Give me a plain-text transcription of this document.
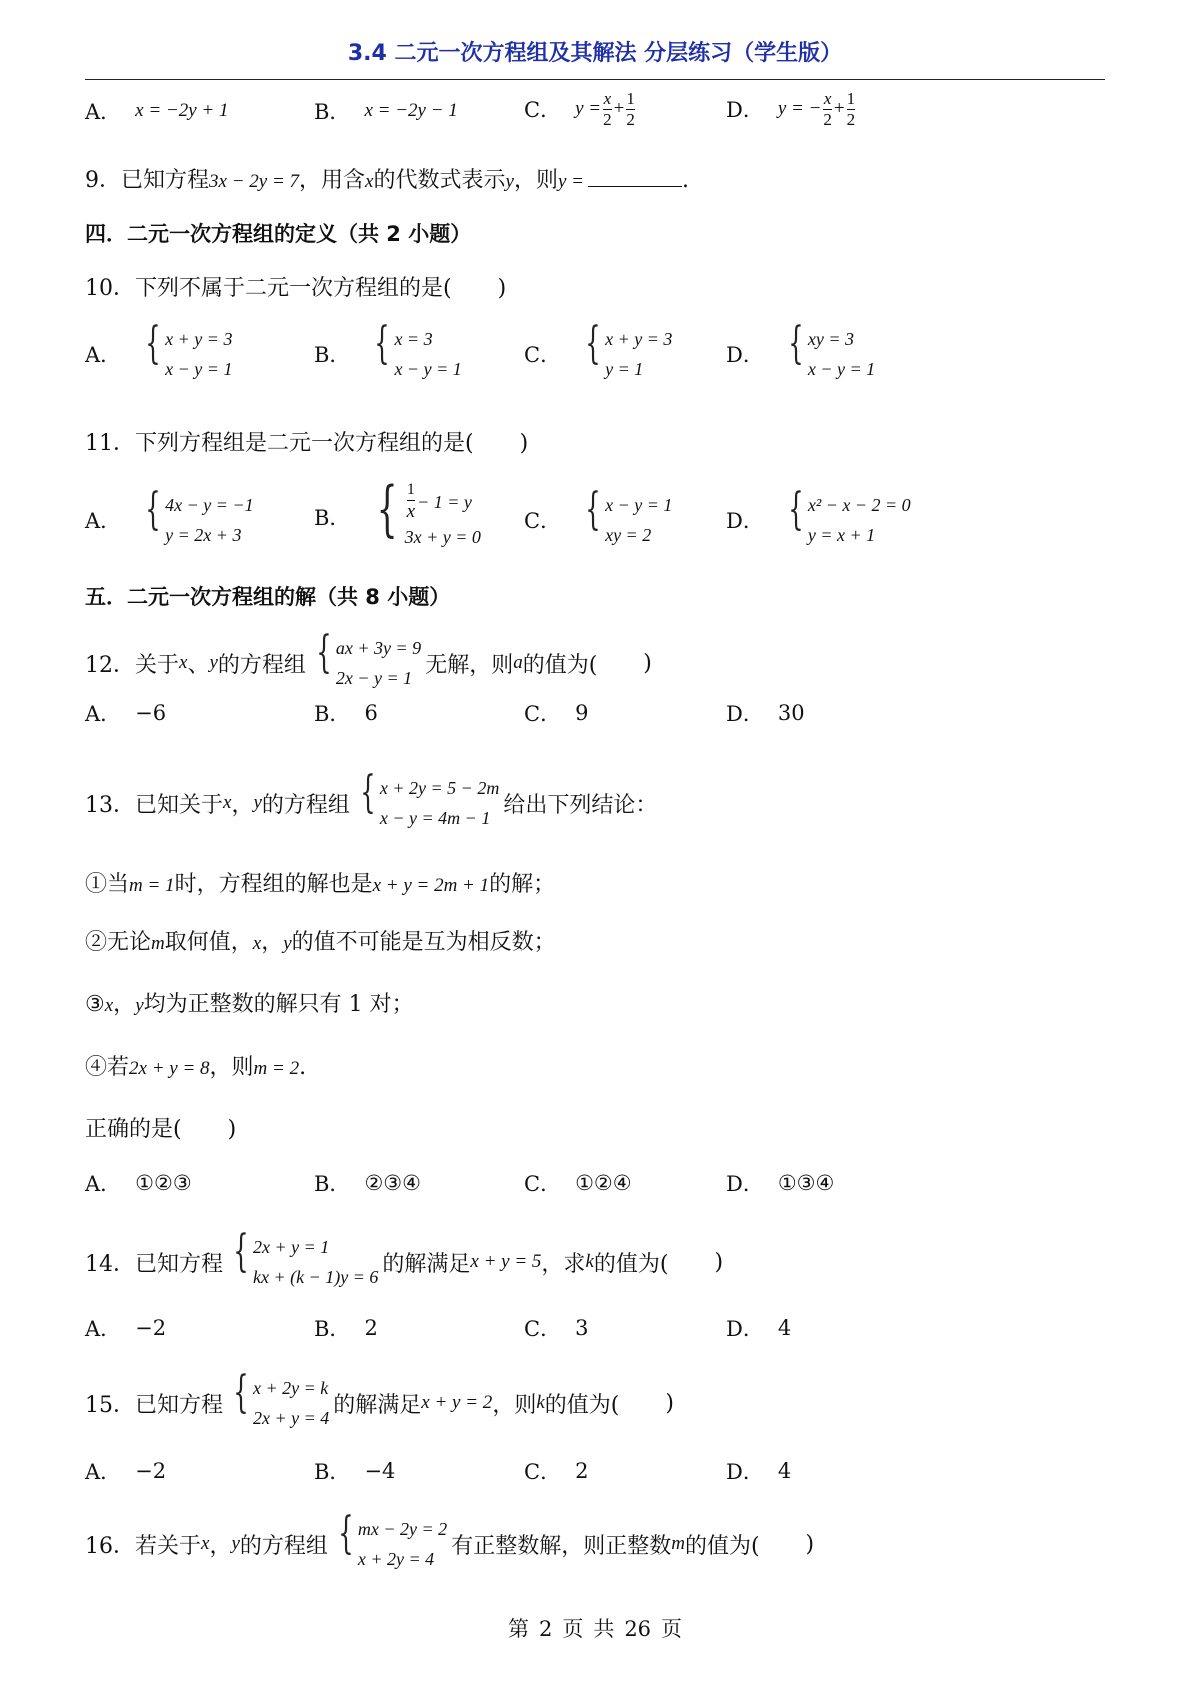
3.4 二元一次方程组及其解法 分层练习（学生版）
A． x = −2y + 1	B． x = −2y − 1	C． $y = \frac{x}{2} + \frac{1}{2}$	D． y = − $\frac{x}{2} + \frac{1}{2}$
9．已知方程3x − 2y = 7，用含x的代数式表示y，则y =	.
四．二元一次方程组的定义（共 2 小题）
10．下列不属于二元一次方程组的是( )
A． { x + y = 3
x − y = 1
B． { x = 3
x − y = 1
C． { x + y = 3
y = 1
D． { xy = 3
x − y = 1
11．下列方程组是二元一次方程组的是( )
A． { 4x − y = −1
y = 2x + 3
B． { $\frac{1}{x} - 1 = y$
3x + y = 0
C． { x − y = 1
xy = 2
D． { x² − x − 2 = 0
y = x + 1
五．二元一次方程组的解（共 8 小题）
12．关于 x 、 y 的方程组 { ax + 3y = 9
2x − y = 1
无解，则 a 的值为( )
A． −6	B． 6	C． 9	D． 30
13．已知关于 x ， y 的方程组 { x + 2y = 5 − 2m
x − y = 4m − 1
给出下列结论：
①当m = 1时，方程组的解也是x + y = 2m + 1的解；
②无论m取何值，x，y的值不可能是互为相反数；
③x，y均为正整数的解只有 1 对；
④若2x + y = 8，则m = 2.
正确的是( )
A． ①②③	B． ②③④	C． ①②④	D． ①③④
14．已知方程 { 2x + y = 1
kx + (k − 1)y = 6
的解满足 x + y = 5 ，求 k 的值为( )
A． −2	B． 2	C． 3	D． 4
15．已知方程 { x + 2y = k
2x + y = 4
的解满足 x + y = 2 ，则 k 的值为( )
A． −2	B． −4	C． 2	D． 4
16．若关于 x ， y 的方程组 { mx − 2y = 2
x + 2y = 4
有正整数解，则正整数 m 的值为( )
第 2 页 共 26 页
